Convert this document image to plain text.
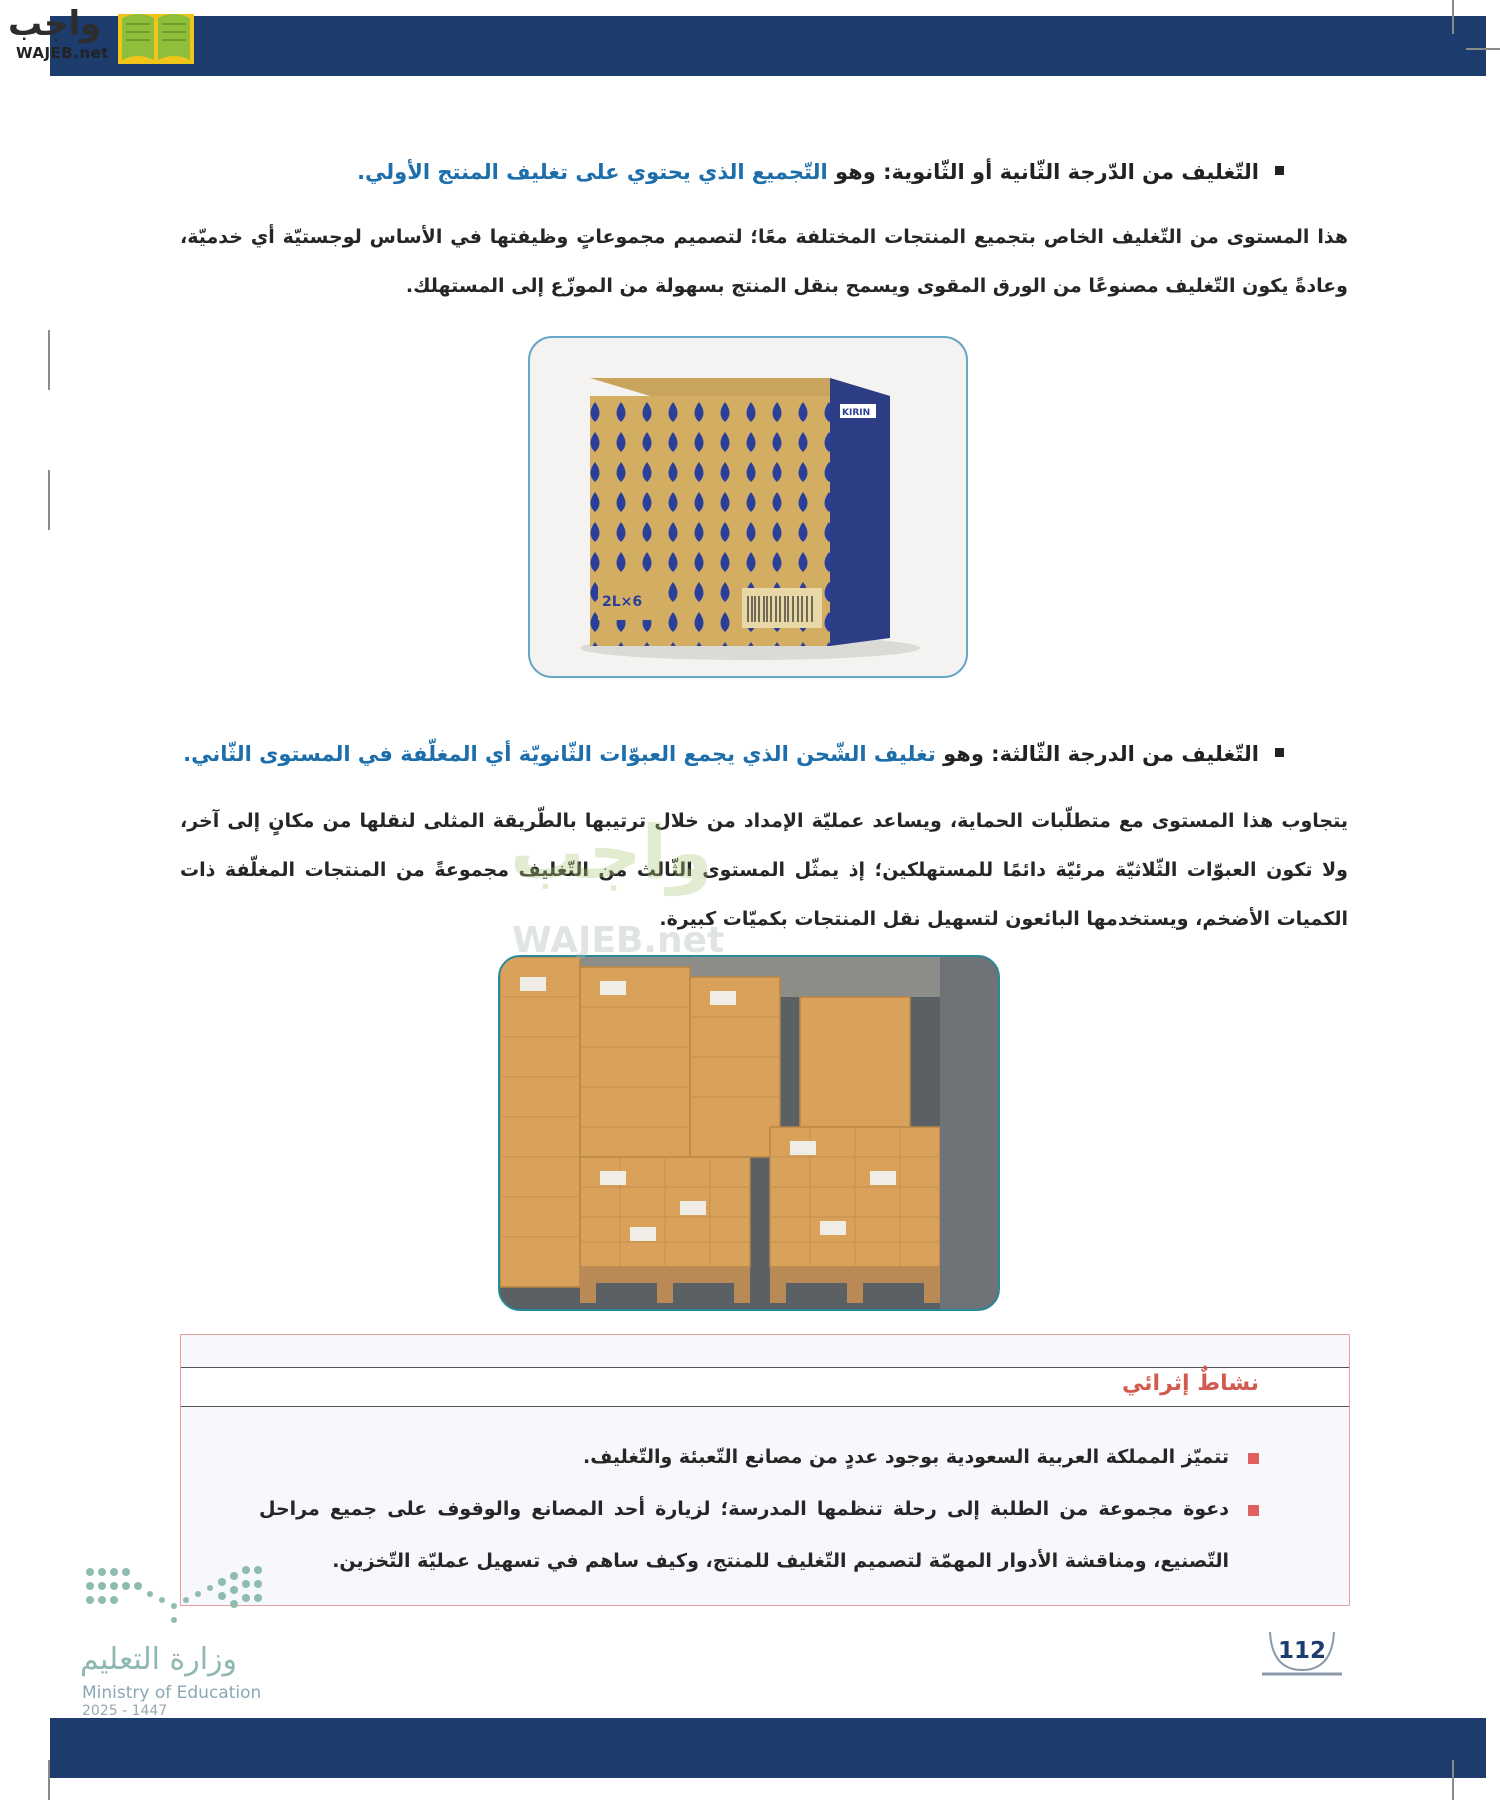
واجب
WAJEB.net
التّغليف من الدّرجة الثّانية أو الثّانوية: وهو التّجميع الذي يحتوي على تغليف المنتج الأولي.
هذا المستوى من التّغليف الخاص بتجميع المنتجات المختلفة معًا؛ لتصميم مجموعاتٍ وظيفتها في الأساس لوجستيّة أي خدميّة، وعادةً يكون التّغليف مصنوعًا من الورق المقوى ويسمح بنقل المنتج بسهولة من الموزّع إلى المستهلك.
2L×6
KIRIN
التّغليف من الدرجة الثّالثة: وهو تغليف الشّحن الذي يجمع العبوّات الثّانويّة أي المغلّفة في المستوى الثّاني.
يتجاوب هذا المستوى مع متطلّبات الحماية، ويساعد عمليّة الإمداد من خلال ترتيبها بالطّريقة المثلى لنقلها من مكانٍ إلى آخر، ولا تكون العبوّات الثّلاثيّة مرئيّة دائمًا للمستهلكين؛ إذ يمثّل المستوى الثّالث من التّغليف مجموعةً من المنتجات المغلّفة ذات الكميات الأضخم، ويستخدمها البائعون لتسهيل نقل المنتجات بكميّات كبيرة.
نشاطٌ إثرائي
تتميّز المملكة العربية السعودية بوجود عددٍ من مصانع التّعبئة والتّغليف.
دعوة مجموعة من الطلبة إلى رحلة تنظمها المدرسة؛ لزيارة أحد المصانع والوقوف على جميع مراحل التّصنيع، ومناقشة الأدوار المهمّة لتصميم التّغليف للمنتج، وكيف ساهم في تسهيل عمليّة التّخزين.
وزارة التعليم
Ministry of Education
2025 - 1447
112
واجب
WAJEB.net
